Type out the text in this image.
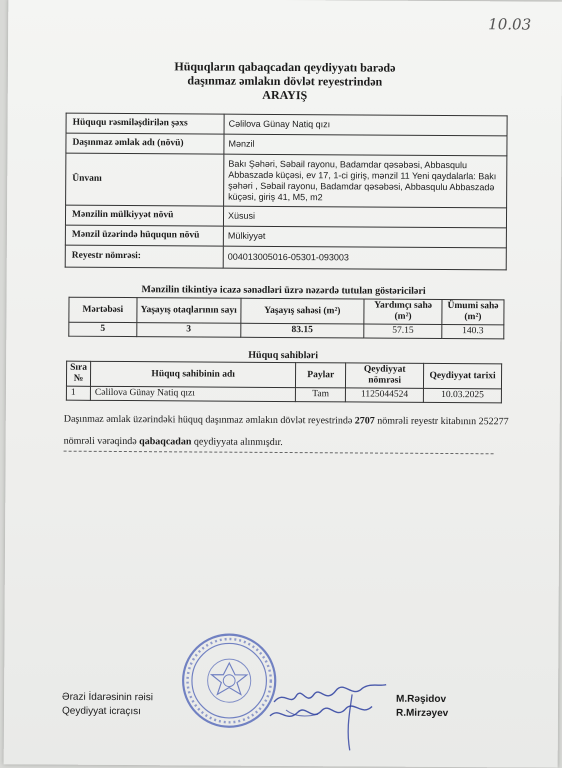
10.03
Hüquqların qabaqcadan qeydiyyatı barədə
daşınmaz əmlakın dövlət reyestrindən
ARAYIŞ
Hüququ rəsmiləşdirilən şəxs	Cəlilova Günay Natiq qızı
Daşınmaz əmlak adı (növü)	Mənzil
Ünvanı	Bakı Şəhəri, Səbail rayonu, Badamdar qəsəbəsi, Abbasqulu Abbaszadə küçəsi, ev 17, 1-ci giriş, mənzil 11 Yeni qaydalarla: Bakı şəhəri , Səbail rayonu, Badamdar qəsəbəsi, Abbasqulu Abbaszadə küçəsi, giriş 41, M5, m2
Mənzilin mülkiyyət növü	Xüsusi
Mənzil üzərində hüququn növü	Mülkiyyət
Reyestr nömrəsi:	004013005016-05301-093003
Mənzilin tikintiyə icazə sənədləri üzrə nəzərdə tutulan göstəriciləri
Mərtəbəsi	Yaşayış otaqlarının sayı	Yaşayış sahəsi (m²)	Yardımçı sahə (m²)	Ümumi sahə (m²)
5	3	83.15	57.15	140.3
Hüquq sahibləri
Sıra №	Hüquq sahibinin adı	Paylar	Qeydiyyat nömrəsi	Qeydiyyat tarixi
1	Cəlilova Günay Natiq qızı	Tam	1125044524	10.03.2025
Daşınmaz əmlak üzərindəki hüquq daşınmaz əmlakın dövlət reyestrində 2707 nömrəli reyestr kitabının 252277 nömrəli vərəqində qabaqcadan qeydiyyata alınmışdır.
Ərazi İdarəsinin rəisi
Qeydiyyat icraçısı
M.Rəşidov
R.Mirzəyev
